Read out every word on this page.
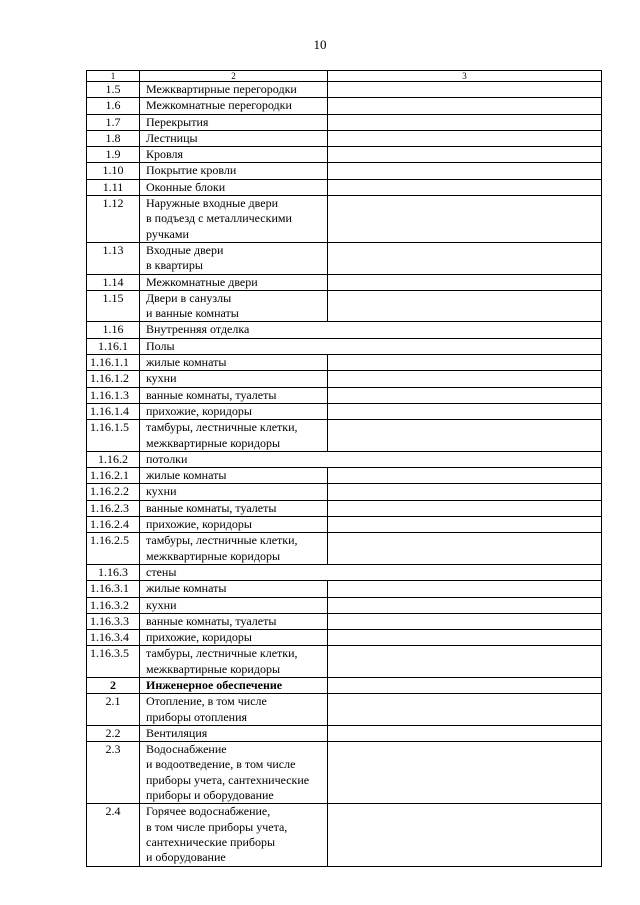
10
1	2	3
1.5	Межквартирные перегородки	

1.6	Межкомнатные перегородки	

1.7	Перекрытия	

1.8	Лестницы	

1.9	Кровля	

1.10	Покрытие кровли	

1.11	Оконные блоки	

1.12	Наружные входные двери
в подъезд с металлическими
ручками	

1.13	Входные двери
в квартиры	

1.14	Межкомнатные двери	

1.15	Двери в санузлы
и ванные комнаты	

1.16	Внутренняя отделка	

1.16.1	Полы	

1.16.1.1	жилые комнаты	

1.16.1.2	кухни	

1.16.1.3	ванные комнаты, туалеты	

1.16.1.4	прихожие, коридоры	

1.16.1.5	тамбуры, лестничные клетки,
межквартирные коридоры	

1.16.2	потолки	

1.16.2.1	жилые комнаты	

1.16.2.2	кухни	

1.16.2.3	ванные комнаты, туалеты	

1.16.2.4	прихожие, коридоры	

1.16.2.5	тамбуры, лестничные клетки,
межквартирные коридоры	

1.16.3	стены	

1.16.3.1	жилые комнаты	

1.16.3.2	кухни	

1.16.3.3	ванные комнаты, туалеты	

1.16.3.4	прихожие, коридоры	

1.16.3.5	тамбуры, лестничные клетки,
межквартирные коридоры	

2	Инженерное обеспечение	

2.1	Отопление, в том числе
приборы отопления	

2.2	Вентиляция	

2.3	Водоснабжение
и водоотведение, в том числе
приборы учета, сантехнические
приборы и оборудование	

2.4	Горячее водоснабжение,
в том числе приборы учета,
сантехнические приборы
и оборудование	
